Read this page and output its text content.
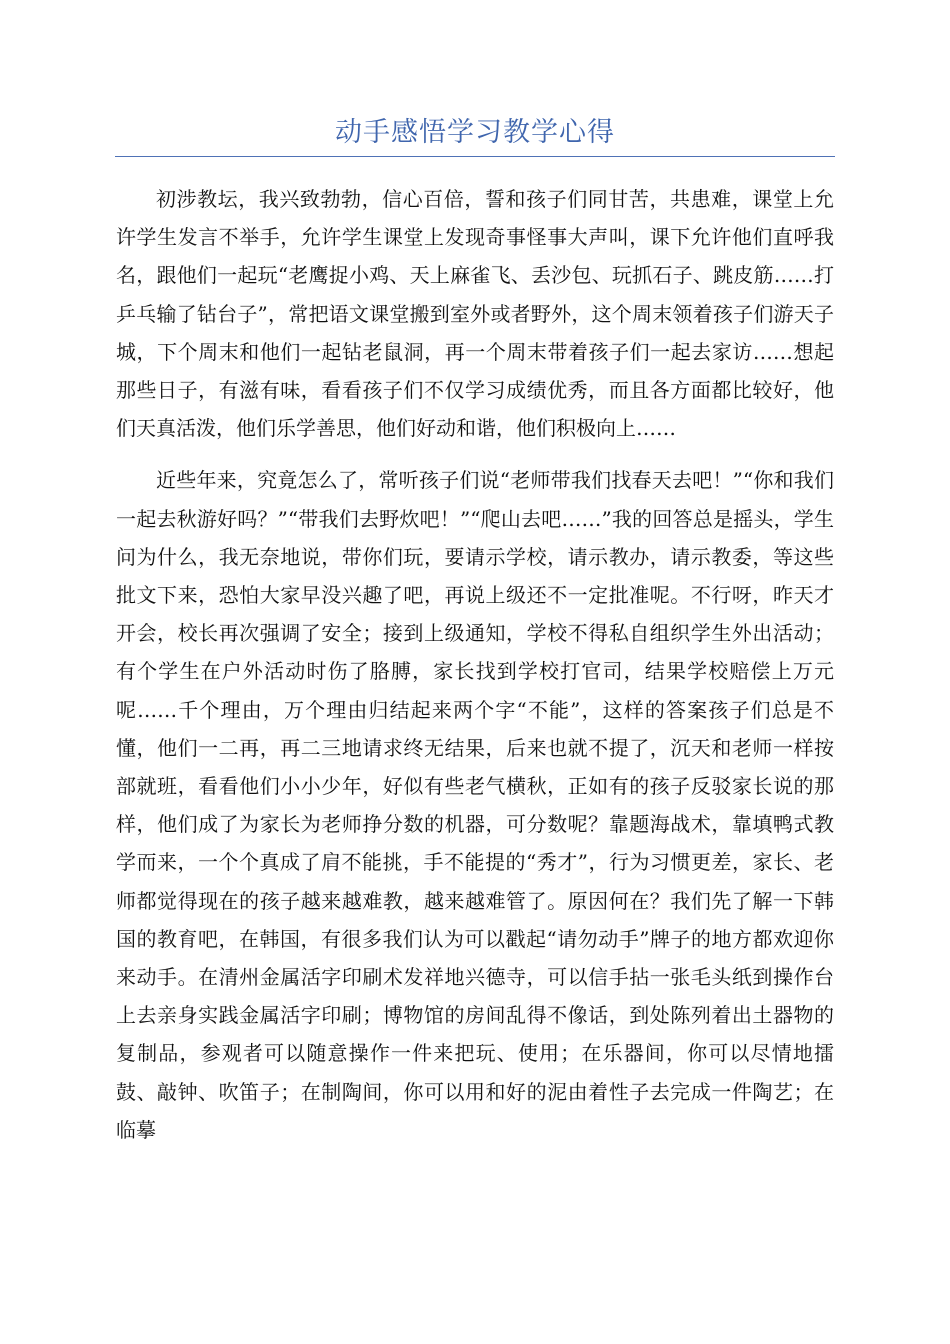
动手感悟学习教学心得

初涉教坛，我兴致勃勃，信心百倍，誓和孩子们同甘苦，共患难，课堂上允许学生发言不举手，允许学生课堂上发现奇事怪事大声叫，课下允许他们直呼我名，跟他们一起玩“老鹰捉小鸡、天上麻雀飞、丢沙包、玩抓石子、跳皮筋……打乒乓输了钻台子”，常把语文课堂搬到室外或者野外，这个周末领着孩子们游天子城，下个周末和他们一起钻老鼠洞，再一个周末带着孩子们一起去家访……想起那些日子，有滋有味，看看孩子们不仅学习成绩优秀，而且各方面都比较好，他们天真活泼，他们乐学善思，他们好动和谐，他们积极向上……

近些年来，究竟怎么了，常听孩子们说“老师带我们找春天去吧！”“你和我们一起去秋游好吗？”“带我们去野炊吧！”“爬山去吧……”我的回答总是摇头，学生问为什么，我无奈地说，带你们玩，要请示学校，请示教办，请示教委，等这些批文下来，恐怕大家早没兴趣了吧，再说上级还不一定批准呢。不行呀，昨天才开会，校长再次强调了安全；接到上级通知，学校不得私自组织学生外出活动；有个学生在户外活动时伤了胳膊，家长找到学校打官司，结果学校赔偿上万元呢……千个理由，万个理由归结起来两个字“不能”，这样的答案孩子们总是不懂，他们一二再，再二三地请求终无结果，后来也就不提了，沉天和老师一样按部就班，看看他们小小少年，好似有些老气横秋，正如有的孩子反驳家长说的那样，他们成了为家长为老师挣分数的机器，可分数呢？靠题海战术，靠填鸭式教学而来，一个个真成了肩不能挑，手不能提的“秀才”，行为习惯更差，家长、老师都觉得现在的孩子越来越难教，越来越难管了。原因何在？我们先了解一下韩国的教育吧，在韩国，有很多我们认为可以戳起“请勿动手”牌子的地方都欢迎你来动手。在清州金属活字印刷术发祥地兴德寺，可以信手拈一张毛头纸到操作台上去亲身实践金属活字印刷；博物馆的房间乱得不像话，到处陈列着出土器物的复制品，参观者可以随意操作一件来把玩、使用；在乐器间，你可以尽情地擂鼓、敲钟、吹笛子；在制陶间，你可以用和好的泥由着性子去完成一件陶艺；在临摹
